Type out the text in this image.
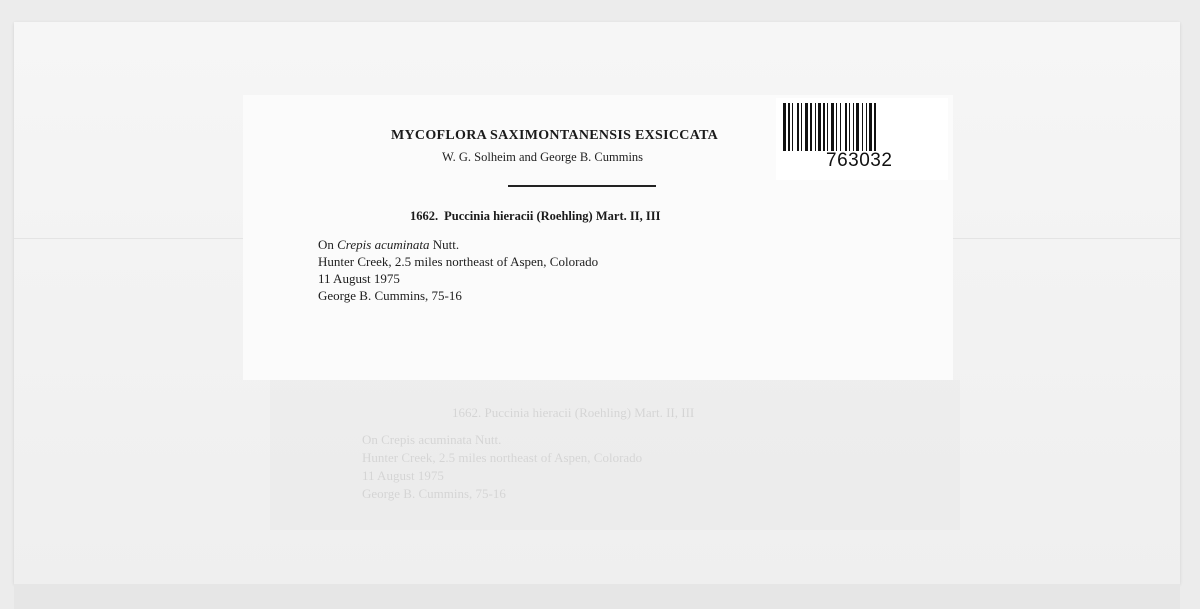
1662. Puccinia hieracii (Roehling) Mart. II, III
On Crepis acuminata Nutt.
Hunter Creek, 2.5 miles northeast of Aspen, Colorado
11 August 1975
George B. Cummins, 75-16
MYCOFLORA SAXIMONTANENSIS EXSICCATA
W. G. Solheim and George B. Cummins
1662. Puccinia hieracii (Roehling) Mart. II, III
On Crepis acuminata Nutt.
Hunter Creek, 2.5 miles northeast of Aspen, Colorado
11 August 1975
George B. Cummins, 75-16
763032
